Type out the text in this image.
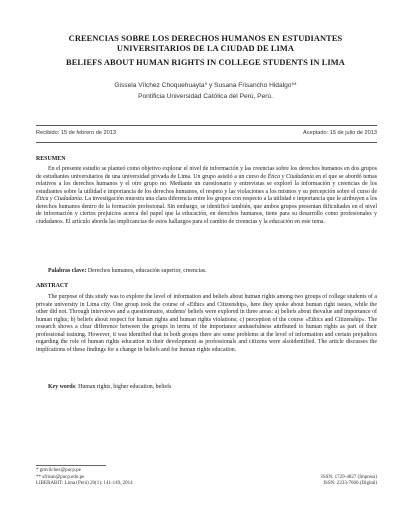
CREENCIAS SOBRE LOS DERECHOS HUMANOS EN ESTUDIANTES
UNIVERSITARIOS DE LA CIUDAD DE LIMA
BELIEFS ABOUT HUMAN RIGHTS IN COLLEGE STUDENTS IN LIMA
Gissela Vílchez Choquehuayta* y Susana Frisancho Hidalgo**
Pontificia Universidad Católica del Perú, Perú.
Recibido: 15 de febrero de 2013	Aceptado: 15 de julio de 2013
RESUMEN

En el presente estudio se planteó como objetivo explorar el nivel de información y las creencias sobre los derechos humanos en dos grupos de estudiantes universitarios de una universidad privada de Lima. Un grupo asistió a un curso de Ética y Ciudadanía en el que se abordó temas relativos a los derechos humanos y el otro grupo no. Mediante un cuestionario y entrevistas se exploró la información y creencias de los estudiantes sobre la utilidad e importancia de los derechos humanos, el respeto y las violaciones a los mismos y su percepción sobre el curso de Ética y Ciudadanía. La investigación muestra una clara diferencia entre los grupos con respecto a la utilidad e importancia que le atribuyen a los derechos humanos dentro de la formación profesional. Sin embargo, se identificó también, que ambos grupos presentan dificultades en el nivel de información y ciertos prejuicios acerca del papel que la educación, en derechos humanos, tiene para su desarrollo como profesionales y ciudadanos. El artículo aborda las implicancias de estos hallazgos para el cambio de creencias y la educación en este tema.

Palabras clave: Derechos humanos, educación superior, creencias.
ABSTRACT

The purpose of this study was to explore the level of information and beliefs about human rights among two groups of college students of a private university in Lima city. One group took the course of «Ethics and Citizenship», here they spoke about human right issues, while the other did not. Through interviews and a questionnaire, students' beliefs were explored in three areas: a) beliefs about thevalue and importance of human rights; b) beliefs about respect for human rights and human rights violations; c) perception of the course «Ethics and Citizenship». The research shows a clear difference between the groups in terms of the importance andusefulness attributed to human rights as part of their professional training. However, it was identified that in both groups there are some problems at the level of information and certain prejudices regarding the role of human rights education in their development as professionals and citizens were alsoidentified. The article discusses the implications of these findings for a change in beliefs and for human rights education.

Key words: Human rights, higher education, beliefs
* gmvilchez@pucp.pe
** sfrisan@pucp.edu.pe
LIBERABIT: Lima (Perú) 20(1): 141-149, 2014
ISSN: 1729-4827 (Impresa)
ISSN: 2233-7666 (Digital)
